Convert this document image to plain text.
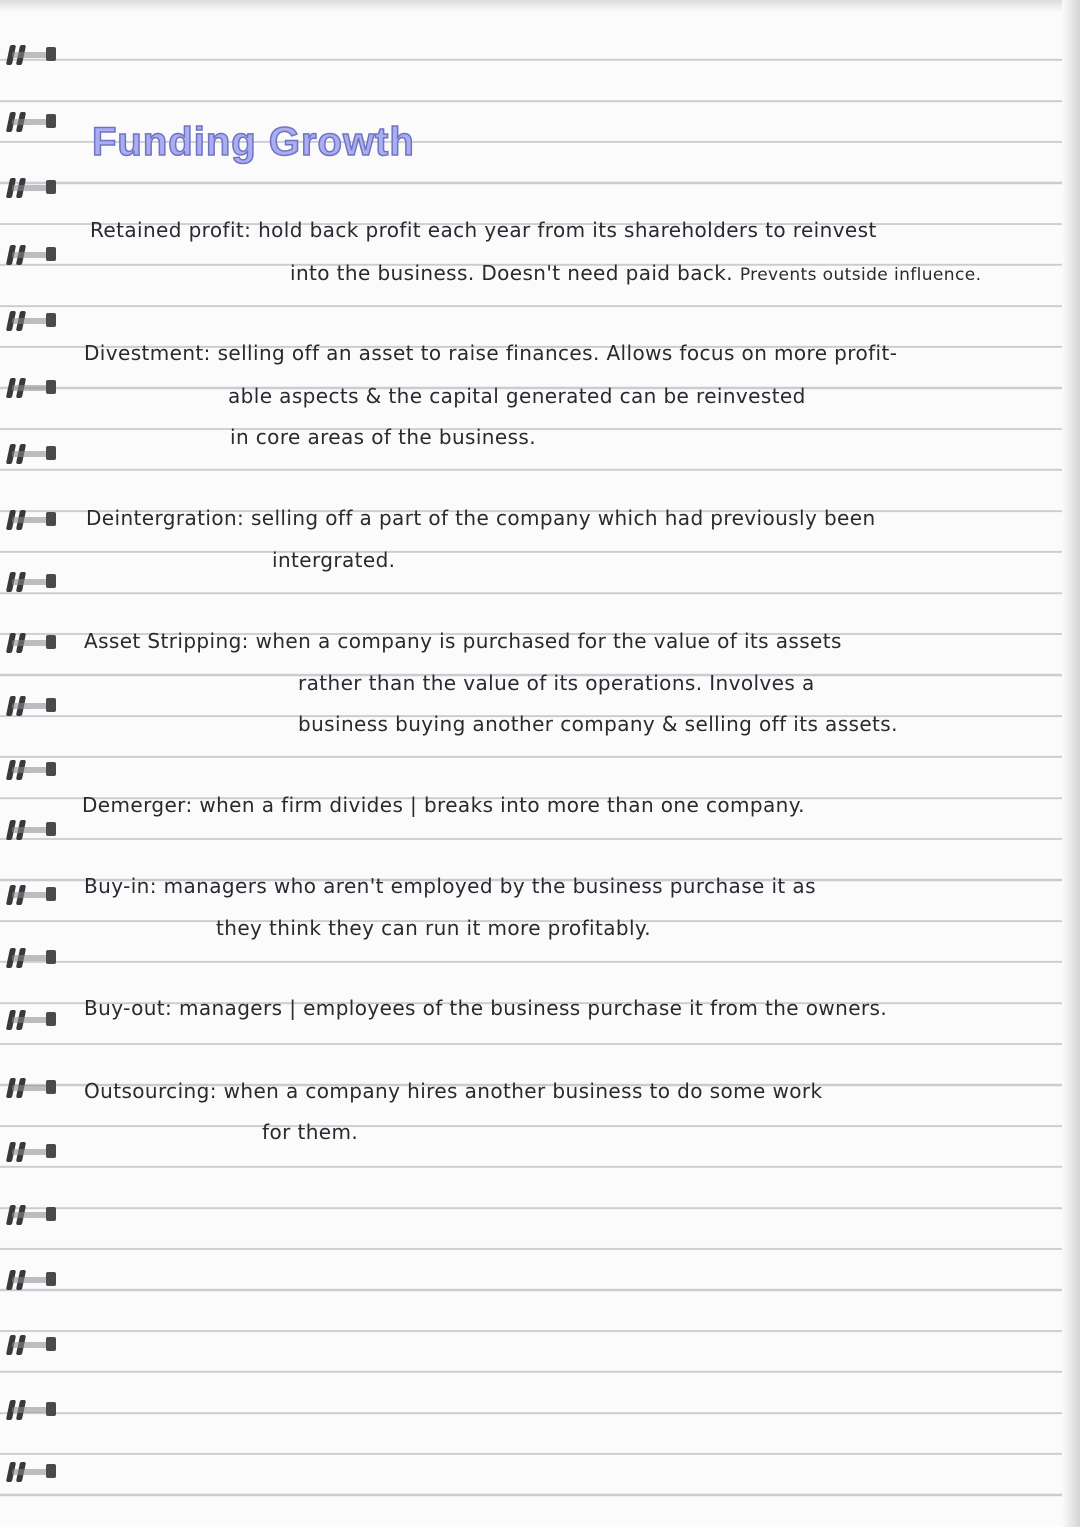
Funding Growth
Retained profit: hold back profit each year from its shareholders to reinvest
into the business. Doesn't need paid back. Prevents outside influence.
Divestment: selling off an asset to raise finances. Allows focus on more profit-
able aspects & the capital generated can be reinvested
in core areas of the business.
Deintergration: selling off a part of the company which had previously been
intergrated.
Asset Stripping: when a company is purchased for the value of its assets
rather than the value of its operations. Involves a
business buying another company & selling off its assets.
Demerger: when a firm divides | breaks into more than one company.
Buy-in: managers who aren't employed by the business purchase it as
they think they can run it more profitably.
Buy-out: managers | employees of the business purchase it from the owners.
Outsourcing: when a company hires another business to do some work
for them.
